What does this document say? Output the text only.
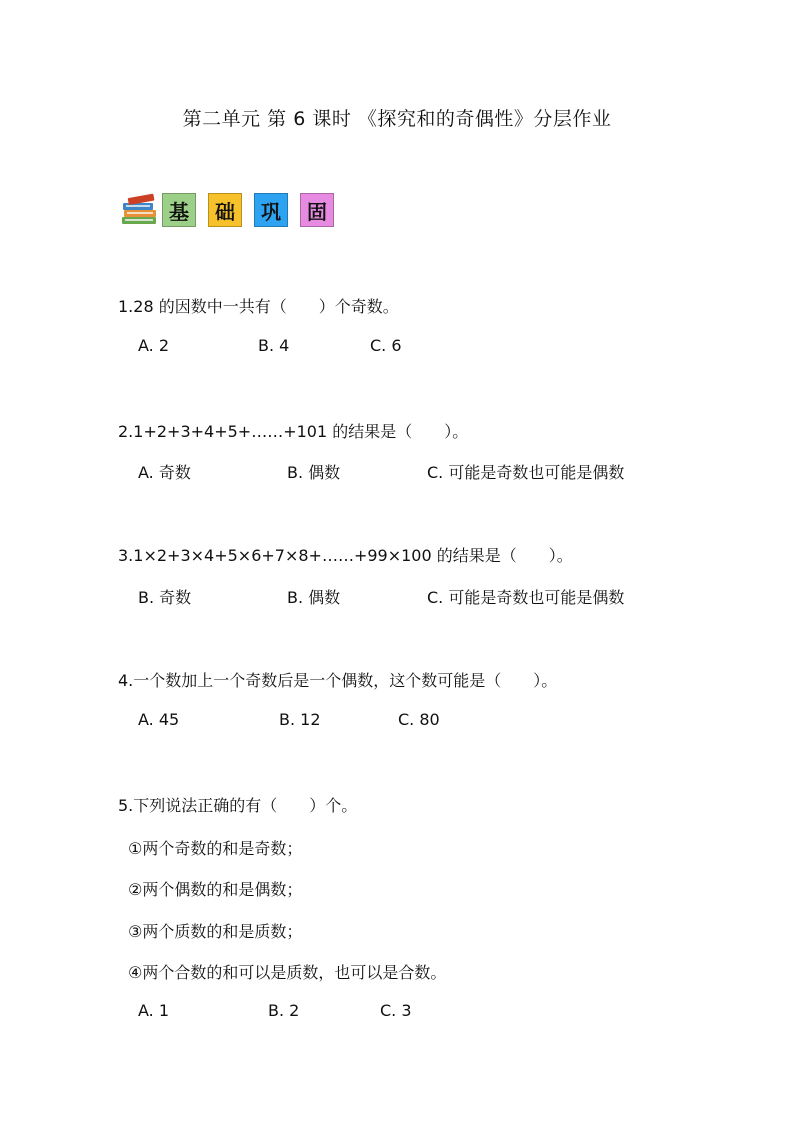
第二单元 第 6 课时 《探究和的奇偶性》分层作业
基	础	巩	固
1.28 的因数中一共有（　　）个奇数。
A. 2	B. 4	C. 6
2.1+2+3+4+5+……+101 的结果是（　　）。
A. 奇数	B. 偶数	C. 可能是奇数也可能是偶数
3.1×2+3×4+5×6+7×8+……+99×100 的结果是（　　）。
B. 奇数	B. 偶数	C. 可能是奇数也可能是偶数
4.一个数加上一个奇数后是一个偶数，这个数可能是（　　）。
A. 45	B. 12	C. 80
5.下列说法正确的有（　　）个。
①两个奇数的和是奇数；
②两个偶数的和是偶数；
③两个质数的和是质数；
④两个合数的和可以是质数，也可以是合数。
A. 1	B. 2	C. 3
